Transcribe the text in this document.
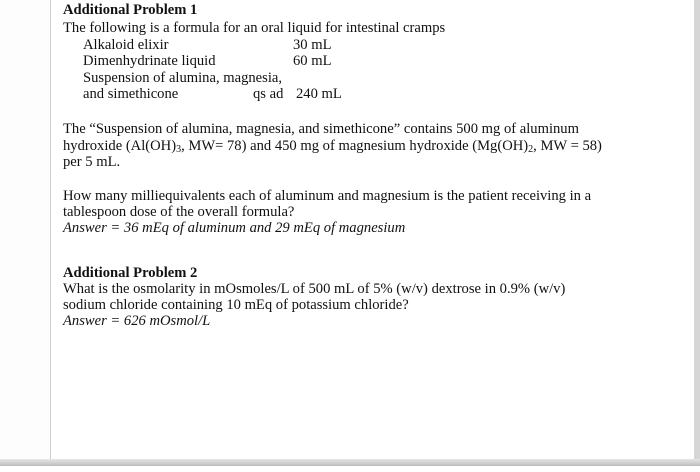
Additional Problem 1
The following is a formula for an oral liquid for intestinal cramps
Alkaloid elixir	30 mL
Dimenhydrinate liquid	60 mL
Suspension of alumina, magnesia,
and simethicone	qs ad 240 mL
The “Suspension of alumina, magnesia, and simethicone” contains 500 mg of aluminum
hydroxide ($Al(OH)_3$, MW= 78) and 450 mg of magnesium hydroxide ($Mg(OH)_2$, MW = 58)
per 5 mL.
How many milliequivalents each of aluminum and magnesium is the patient receiving in a
tablespoon dose of the overall formula?
Answer = 36 mEq of aluminum and 29 mEq of magnesium
Additional Problem 2
What is the osmolarity in mOsmoles/L of 500 mL of 5% (w/v) dextrose in 0.9% (w/v)
sodium chloride containing 10 mEq of potassium chloride?
Answer = 626 mOsmol/L
